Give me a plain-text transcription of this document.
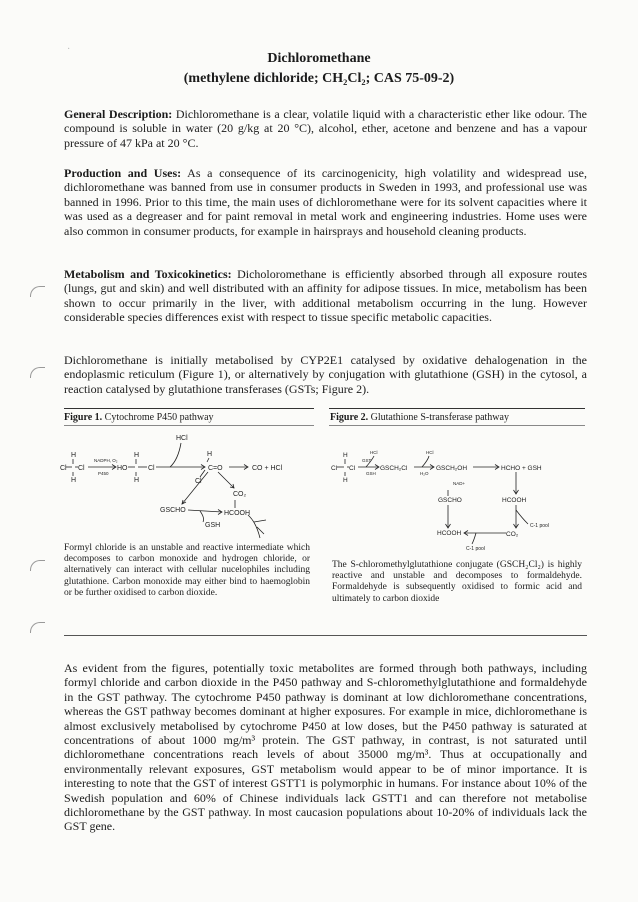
·
Dichloromethane
(methylene dichloride; CH₂Cl₂; CAS 75-09-2)

General Description: Dichloromethane is a clear, volatile liquid with a characteristic ether like odour. The compound is soluble in water (20 g/kg at 20 °C), alcohol, ether, acetone and benzene and has a vapour pressure of 47 kPa at 20 °C.

Production and Uses: As a consequence of its carcinogenicity, high volatility and widespread use, dichloromethane was banned from use in consumer products in Sweden in 1993, and professional use was banned in 1996. Prior to this time, the main uses of dichloromethane were for its solvent capacities where it was used as a degreaser and for paint removal in metal work and engineering industries. Home uses were also common in consumer products, for example in hairsprays and household cleaning products.

Metabolism and Toxicokinetics: Dicholoromethane is efficiently absorbed through all exposure routes (lungs, gut and skin) and well distributed with an affinity for adipose tissues. In mice, metabolism has been shown to occur primarily in the liver, with additional metabolism occurring in the lung. However considerable species differences exist with respect to tissue specific metabolic capacities.

Dichloromethane is initially metabolised by CYP2E1 catalysed by oxidative dehalogenation in the endoplasmic reticulum (Figure 1), or alternatively by conjugation with glutathione (GSH) in the cytosol, a reaction catalysed by glutathione transferases (GSTs; Figure 2).

Figure 1. Cytochrome P450 pathway
H
Cl Cl
H
NADPH, O₂
P450
H
HO	Cl
H
HCl
H
C=O
Cl
CO + HCl
CO₂
GSCHO	HCOOH
GSH

Formyl chloride is an unstable and reactive intermediate which decomposes to carbon monoxide and hydrogen chloride, or alternatively can interact with cellular nucelophiles including glutathione. Carbon monoxide may either bind to haemoglobin or be further oxidised to carbon dioxide.

Figure 2. Glutathione S-transferase pathway
H
Cl Cl
H
HCl
GST
GSH
GSCH₂Cl
HCl
H₂O
GSCH₂OH	HCHO + GSH
NAD+
GSCHO	HCOOH
C-1 pool
HCOOH	CO₂
C-1 pool

The S-chloromethylglutathione conjugate (GSCH₂Cl₂) is highly reactive and unstable and decomposes to formaldehyde. Formaldehyde is subsequently oxidised to formic acid and ultimately to carbon dioxide

As evident from the figures, potentially toxic metabolites are formed through both pathways, including formyl chloride and carbon dioxide in the P450 pathway and S-chloromethylglutathione and formaldehyde in the GST pathway. The cytochrome P450 pathway is dominant at low dichloromethane concentrations, whereas the GST pathway becomes dominant at higher exposures. For example in mice, dichloromethane is almost exclusively metabolised by cytochrome P450 at low doses, but the P450 pathway is saturated at concentrations of about 1000 mg/m³ protein. The GST pathway, in contrast, is not saturated until dichloromethane concentrations reach levels of about 35000 mg/m³. Thus at occupationally and environmentally relevant exposures, GST metabolism would appear to be of minor importance. It is interesting to note that the GST of interest GSTT1 is polymorphic in humans. For instance about 10% of the Swedish population and 60% of Chinese individuals lack GSTT1 and can therefore not metabolise dichloromethane by the GST pathway. In most caucasion populations about 10-20% of individuals lack the GST gene.
